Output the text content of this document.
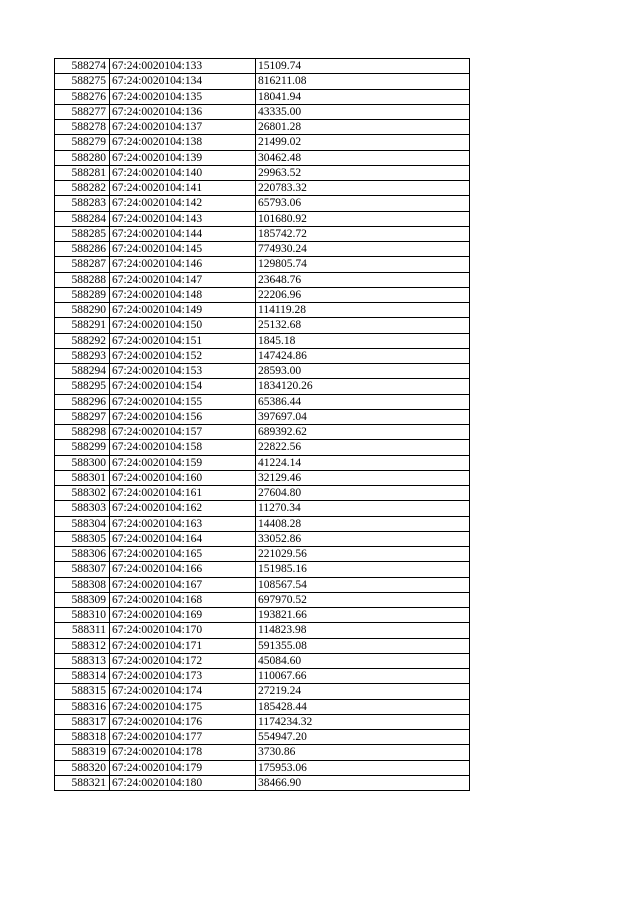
588274	67:24:0020104:133	15109.74
588275	67:24:0020104:134	816211.08
588276	67:24:0020104:135	18041.94
588277	67:24:0020104:136	43335.00
588278	67:24:0020104:137	26801.28
588279	67:24:0020104:138	21499.02
588280	67:24:0020104:139	30462.48
588281	67:24:0020104:140	29963.52
588282	67:24:0020104:141	220783.32
588283	67:24:0020104:142	65793.06
588284	67:24:0020104:143	101680.92
588285	67:24:0020104:144	185742.72
588286	67:24:0020104:145	774930.24
588287	67:24:0020104:146	129805.74
588288	67:24:0020104:147	23648.76
588289	67:24:0020104:148	22206.96
588290	67:24:0020104:149	114119.28
588291	67:24:0020104:150	25132.68
588292	67:24:0020104:151	1845.18
588293	67:24:0020104:152	147424.86
588294	67:24:0020104:153	28593.00
588295	67:24:0020104:154	1834120.26
588296	67:24:0020104:155	65386.44
588297	67:24:0020104:156	397697.04
588298	67:24:0020104:157	689392.62
588299	67:24:0020104:158	22822.56
588300	67:24:0020104:159	41224.14
588301	67:24:0020104:160	32129.46
588302	67:24:0020104:161	27604.80
588303	67:24:0020104:162	11270.34
588304	67:24:0020104:163	14408.28
588305	67:24:0020104:164	33052.86
588306	67:24:0020104:165	221029.56
588307	67:24:0020104:166	151985.16
588308	67:24:0020104:167	108567.54
588309	67:24:0020104:168	697970.52
588310	67:24:0020104:169	193821.66
588311	67:24:0020104:170	114823.98
588312	67:24:0020104:171	591355.08
588313	67:24:0020104:172	45084.60
588314	67:24:0020104:173	110067.66
588315	67:24:0020104:174	27219.24
588316	67:24:0020104:175	185428.44
588317	67:24:0020104:176	1174234.32
588318	67:24:0020104:177	554947.20
588319	67:24:0020104:178	3730.86
588320	67:24:0020104:179	175953.06
588321	67:24:0020104:180	38466.90
